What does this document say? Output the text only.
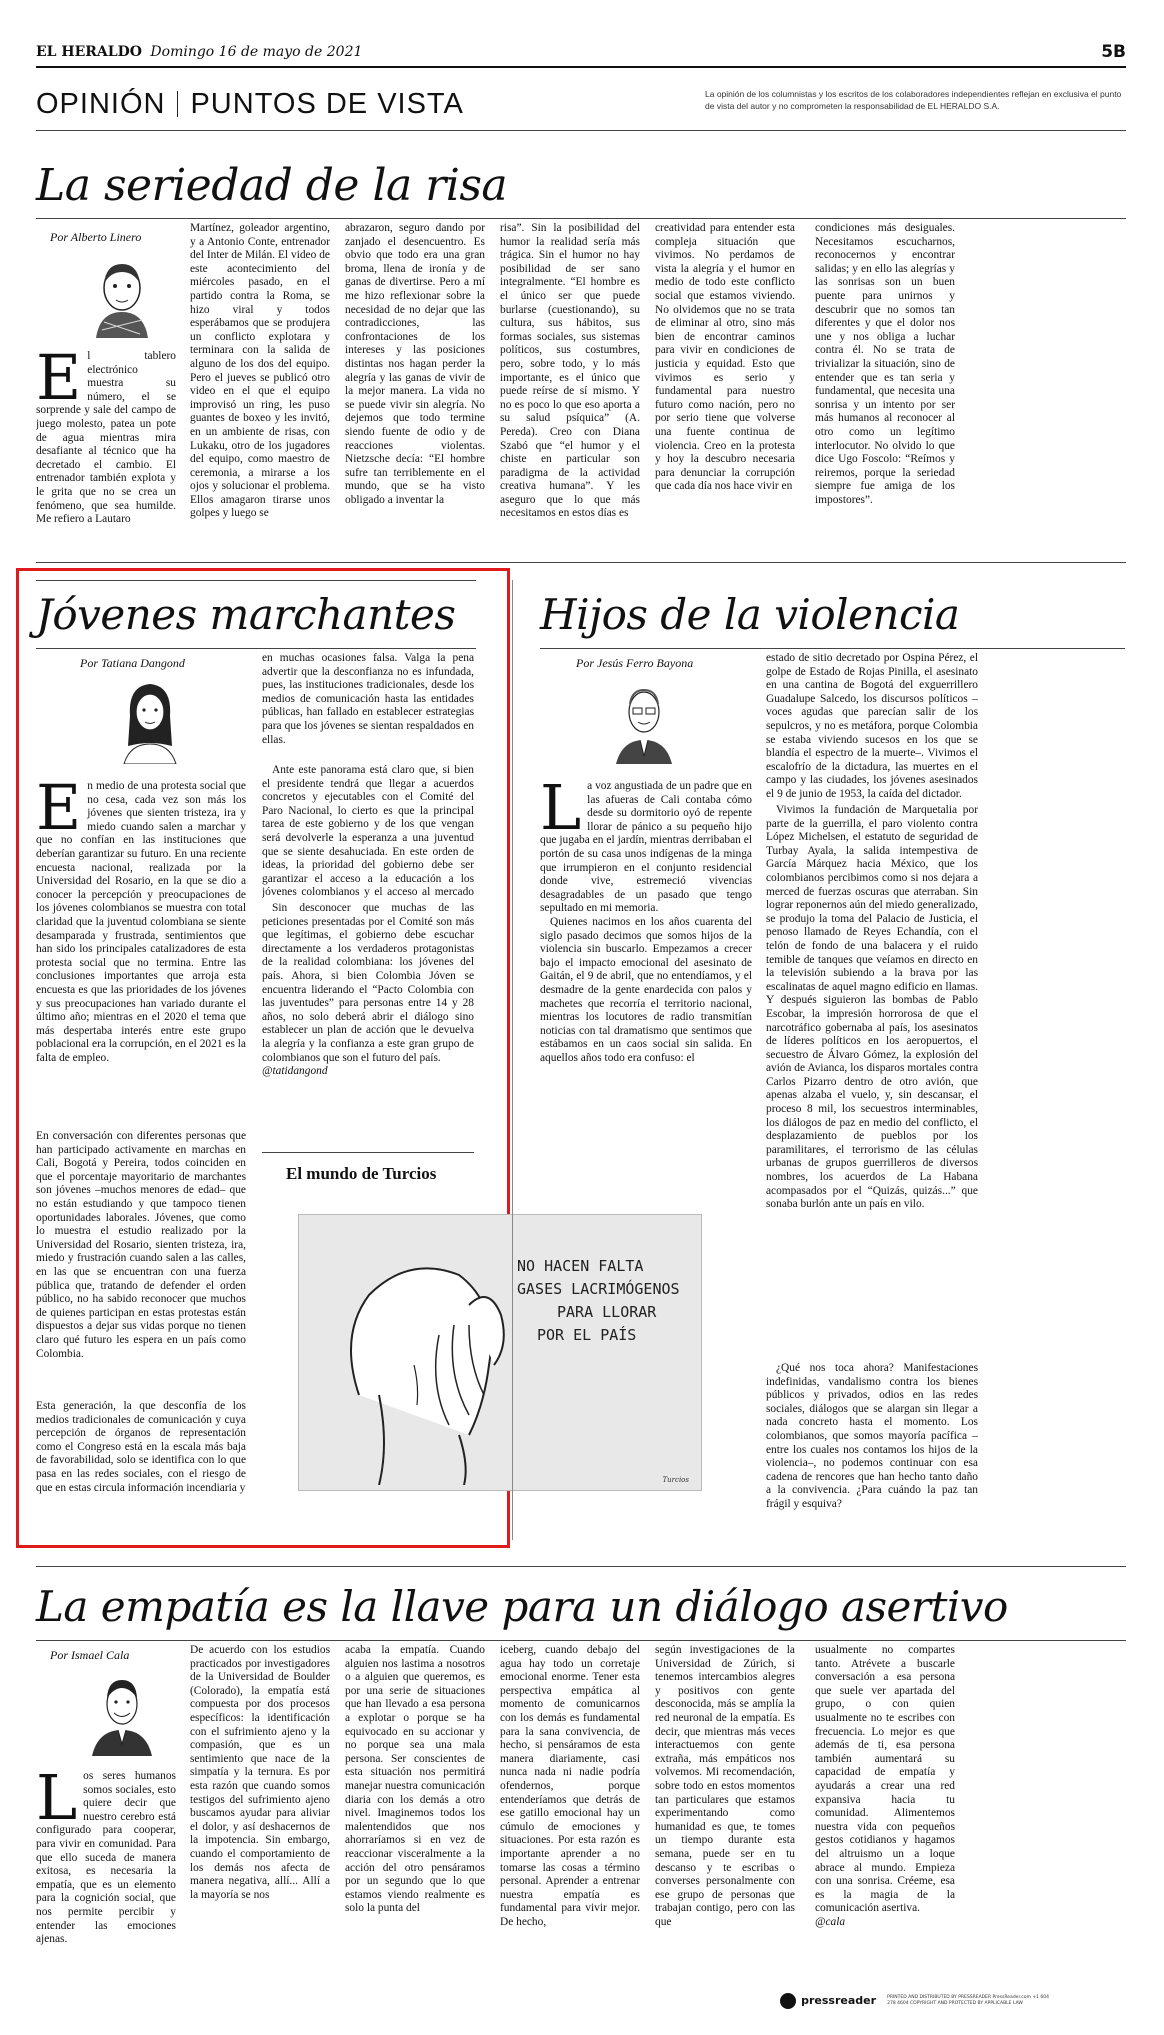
EL HERALDO Domingo 16 de mayo de 2021	5B
OPINIÓN PUNTOS DE VISTA	La opinión de los columnistas y los escritos de los colaboradores independientes reflejan en exclusiva el punto de vista del autor y no comprometen la responsabilidad de EL HERALDO S.A.
La seriedad de la risa
Por Alberto Linero
E l tablero electrónico muestra su número, el se sorprende y sale del campo de juego molesto, patea un pote de agua mientras mira desafiante al técnico que ha decretado el cambio. El entrenador también explota y le grita que no se crea un fenómeno, que sea humilde. Me refiero a Lautaro
Martínez, goleador argentino, y a Antonio Conte, entrenador del Inter de Milán. El video de este acontecimiento del miércoles pasado, en el partido contra la Roma, se hizo viral y todos esperábamos que se produjera un conflicto explotara y terminara con la salida de alguno de los dos del equipo. Pero el jueves se publicó otro video en el que el equipo improvisó un ring, les puso guantes de boxeo y les invitó, en un ambiente de risas, con Lukaku, otro de los jugadores del equipo, como maestro de ceremonia, a mirarse a los ojos y solucionar el problema. Ellos amagaron tirarse unos golpes y luego se
abrazaron, seguro dando por zanjado el desencuentro. Es obvio que todo era una gran broma, llena de ironía y de ganas de divertirse. Pero a mí me hizo reflexionar sobre la necesidad de no dejar que las contradicciones, las confrontaciones de los intereses y las posiciones distintas nos hagan perder la alegría y las ganas de vivir de la mejor manera. La vida no se puede vivir sin alegría. No dejemos que todo termine siendo fuente de odio y de reacciones violentas. Nietzsche decía: “El hombre sufre tan terriblemente en el mundo, que se ha visto obligado a inventar la
risa”. Sin la posibilidad del humor la realidad sería más trágica. Sin el humor no hay posibilidad de ser sano integralmente. “El hombre es el único ser que puede burlarse (cuestionando), su cultura, sus hábitos, sus formas sociales, sus sistemas políticos, sus costumbres, pero, sobre todo, y lo más importante, es el único que puede reírse de sí mismo. Y no es poco lo que eso aporta a su salud psíquica” (A. Pereda). Creo con Diana Szabó que “el humor y el chiste en particular son paradigma de la actividad creativa humana”. Y les aseguro que lo que más necesitamos en estos días es
creatividad para entender esta compleja situación que vivimos. No perdamos de vista la alegría y el humor en medio de todo este conflicto social que estamos viviendo. No olvidemos que no se trata de eliminar al otro, sino más bien de encontrar caminos para vivir en condiciones de justicia y equidad. Esto que vivimos es serio y fundamental para nuestro futuro como nación, pero no por serio tiene que volverse una fuente continua de violencia. Creo en la protesta y hoy la descubro necesaria para denunciar la corrupción que cada día nos hace vivir en
condiciones más desiguales. Necesitamos escucharnos, reconocernos y encontrar salidas; y en ello las alegrías y las sonrisas son un buen puente para unirnos y descubrir que no somos tan diferentes y que el dolor nos une y nos obliga a luchar contra él. No se trata de trivializar la situación, sino de entender que es tan seria y fundamental, que necesita una sonrisa y un intento por ser más humanos al reconocer al otro como un legítimo interlocutor. No olvido lo que dice Ugo Foscolo: “Reímos y reiremos, porque la seriedad siempre fue amiga de los impostores”.
Jóvenes marchantes
Por Tatiana Dangond
E n medio de una protesta social que no cesa, cada vez son más los jóvenes que sienten tristeza, ira y miedo cuando salen a marchar y que no confían en las instituciones que deberían garantizar su futuro. En una reciente encuesta nacional, realizada por la Universidad del Rosario, en la que se dio a conocer la percepción y preocupaciones de los jóvenes colombianos se muestra con total claridad que la juventud colombiana se siente desamparada y frustrada, sentimientos que han sido los principales catalizadores de esta protesta social que no termina. Entre las conclusiones importantes que arroja esta encuesta es que las prioridades de los jóvenes y sus preocupaciones han variado durante el último año; mientras en el 2020 el tema que más despertaba interés entre este grupo poblacional era la corrupción, en el 2021 es la falta de empleo.

En conversación con diferentes personas que han participado activamente en marchas en Cali, Bogotá y Pereira, todos coinciden en que el porcentaje mayoritario de marchantes son jóvenes –muchos menores de edad– que no están estudiando y que tampoco tienen oportunidades laborales. Jóvenes, que como lo muestra el estudio realizado por la Universidad del Rosario, sienten tristeza, ira, miedo y frustración cuando salen a las calles, en las que se encuentran con una fuerza pública que, tratando de defender el orden público, no ha sabido reconocer que muchos de quienes participan en estas protestas están dispuestos a dejar sus vidas porque no tienen claro qué futuro les espera en un país como Colombia.

Esta generación, la que desconfía de los medios tradicionales de comunicación y cuya percepción de órganos de representación como el Congreso está en la escala más baja de favorabilidad, solo se identifica con lo que pasa en las redes sociales, con el riesgo de que en estas circula información incendiaria y

en muchas ocasiones falsa. Valga la pena advertir que la desconfianza no es infundada, pues, las instituciones tradicionales, desde los medios de comunicación hasta las entidades públicas, han fallado en establecer estrategias para que los jóvenes se sientan respaldados en ellas.

Ante este panorama está claro que, si bien el presidente tendrá que llegar a acuerdos concretos y ejecutables con el Comité del Paro Nacional, lo cierto es que la principal tarea de este gobierno y de los que vengan será devolverle la esperanza a una juventud que se siente desahuciada. En este orden de ideas, la prioridad del gobierno debe ser garantizar el acceso a la educación a los jóvenes colombianos y el acceso al mercado

Sin desconocer que muchas de las peticiones presentadas por el Comité son más que legítimas, el gobierno debe escuchar directamente a los verdaderos protagonistas de la realidad colombiana: los jóvenes del país. Ahora, si bien Colombia Jóven se encuentra liderando el “Pacto Colombia con las juventudes” para personas entre 14 y 28 años, no solo deberá abrir el diálogo sino establecer un plan de acción que le devuelva la alegría y la confianza a este gran grupo de colombianos que son el futuro del país.

@tatidangond

El mundo de Turcios
NO HACEN FALTA
GASES LACRIMÓGENOS
PARA LLORAR
POR EL PAÍS
Turcios
Hijos de la violencia
Por Jesús Ferro Bayona
L a voz angustiada de un padre que en las afueras de Cali contaba cómo desde su dormitorio oyó de repente llorar de pánico a su pequeño hijo que jugaba en el jardín, mientras derribaban el portón de su casa unos indígenas de la minga que irrumpieron en el conjunto residencial donde vive, estremeció vivencias desagradables de un pasado que tengo sepultado en mi memoria.

Quienes nacimos en los años cuarenta del siglo pasado decimos que somos hijos de la violencia sin buscarlo. Empezamos a crecer bajo el impacto emocional del asesinato de Gaitán, el 9 de abril, que no entendíamos, y el desmadre de la gente enardecida con palos y machetes que recorría el territorio nacional, mientras los locutores de radio transmitían noticias con tal dramatismo que sentimos que estábamos en un caos social sin salida. En aquellos años todo era confuso: el

estado de sitio decretado por Ospina Pérez, el golpe de Estado de Rojas Pinilla, el asesinato en una cantina de Bogotá del exguerrillero Guadalupe Salcedo, los discursos políticos –voces agudas que parecían salir de los sepulcros, y no es metáfora, porque Colombia se estaba viviendo sucesos en los que se blandía el espectro de la muerte–. Vivimos el escalofrío de la dictadura, las muertes en el campo y las ciudades, los jóvenes asesinados el 9 de junio de 1953, la caída del dictador.

Vivimos la fundación de Marquetalia por parte de la guerrilla, el paro violento contra López Michelsen, el estatuto de seguridad de Turbay Ayala, la salida intempestiva de García Márquez hacia México, que los colombianos percibimos como si nos dejara a merced de fuerzas oscuras que aterraban. Sin lograr reponernos aún del miedo generalizado, se produjo la toma del Palacio de Justicia, el penoso llamado de Reyes Echandía, con el telón de fondo de una balacera y el ruido temible de tanques que veíamos en directo en la televisión subiendo a la brava por las escalinatas de aquel magno edificio en llamas. Y después siguieron las bombas de Pablo Escobar, la impresión horrorosa de que el narcotráfico gobernaba al país, los asesinatos de líderes políticos en los aeropuertos, el secuestro de Álvaro Gómez, la explosión del avión de Avianca, los disparos mortales contra Carlos Pizarro dentro de otro avión, que apenas alzaba el vuelo, y, sin descansar, el proceso 8 mil, los secuestros interminables, los diálogos de paz en medio del conflicto, el desplazamiento de pueblos por los paramilitares, el terrorismo de las células urbanas de grupos guerrilleros de diversos nombres, los acuerdos de La Habana acompasados por el “Quizás, quizás...” que sonaba burlón ante un país en vilo.

¿Qué nos toca ahora? Manifestaciones indefinidas, vandalismo contra los bienes públicos y privados, odios en las redes sociales, diálogos que se alargan sin llegar a nada concreto hasta el momento. Los colombianos, que somos mayoría pacífica –entre los cuales nos contamos los hijos de la violencia–, no podemos continuar con esa cadena de rencores que han hecho tanto daño a la convivencia. ¿Para cuándo la paz tan frágil y esquiva?

La empatía es la llave para un diálogo asertivo
Por Ismael Cala
L os seres humanos somos sociales, esto quiere decir que nuestro cerebro está configurado para cooperar, para vivir en comunidad. Para que ello suceda de manera exitosa, es necesaria la empatía, que es un elemento para la cognición social, que nos permite percibir y entender las emociones ajenas.
De acuerdo con los estudios practicados por investigadores de la Universidad de Boulder (Colorado), la empatía está compuesta por dos procesos específicos: la identificación con el sufrimiento ajeno y la compasión, que es un sentimiento que nace de la simpatía y la ternura. Es por esta razón que cuando somos testigos del sufrimiento ajeno buscamos ayudar para aliviar el dolor, y así deshacernos de la impotencia. Sin embargo, cuando el comportamiento de los demás nos afecta de manera negativa, allí... Allí a la mayoría se nos
acaba la empatía. Cuando alguien nos lastima a nosotros o a alguien que queremos, es por una serie de situaciones que han llevado a esa persona a explotar o porque se ha equivocado en su accionar y no porque sea una mala persona. Ser conscientes de esta situación nos permitirá manejar nuestra comunicación diaria con los demás a otro nivel. Imaginemos todos los malentendidos que nos ahorraríamos si en vez de reaccionar visceralmente a la acción del otro pensáramos por un segundo que lo que estamos viendo realmente es solo la punta del
iceberg, cuando debajo del agua hay todo un corretaje emocional enorme. Tener esta perspectiva empática al momento de comunicarnos con los demás es fundamental para la sana convivencia, de hecho, si pensáramos de esta manera diariamente, casi nunca nada ni nadie podría ofendernos, porque entenderíamos que detrás de ese gatillo emocional hay un cúmulo de emociones y situaciones. Por esta razón es importante aprender a no tomarse las cosas a término personal. Aprender a entrenar nuestra empatía es fundamental para vivir mejor. De hecho,
según investigaciones de la Universidad de Zúrich, si tenemos intercambios alegres y positivos con gente desconocida, más se amplía la red neuronal de la empatía. Es decir, que mientras más veces interactuemos con gente extraña, más empáticos nos volvemos. Mi recomendación, sobre todo en estos momentos tan particulares que estamos experimentando como humanidad es que, te tomes un tiempo durante esta semana, puede ser en tu descanso y te escribas o converses personalmente con ese grupo de personas que trabajan contigo, pero con las que
usualmente no compartes tanto. Atrévete a buscarle conversación a esa persona que suele ver apartada del grupo, o con quien usualmente no te escribes con frecuencia. Lo mejor es que además de ti, esa persona también aumentará su capacidad de empatía y ayudarás a crear una red expansiva hacia tu comunidad. Alimentemos nuestra vida con pequeños gestos cotidianos y hagamos del altruismo un a loque abrace al mundo. Empieza con una sonrisa. Créeme, esa es la magia de la comunicación asertiva.
@cala
pressreader PRINTED AND DISTRIBUTED BY PRESSREADER PressReader.com +1 604 278 4604 COPYRIGHT AND PROTECTED BY APPLICABLE LAW
